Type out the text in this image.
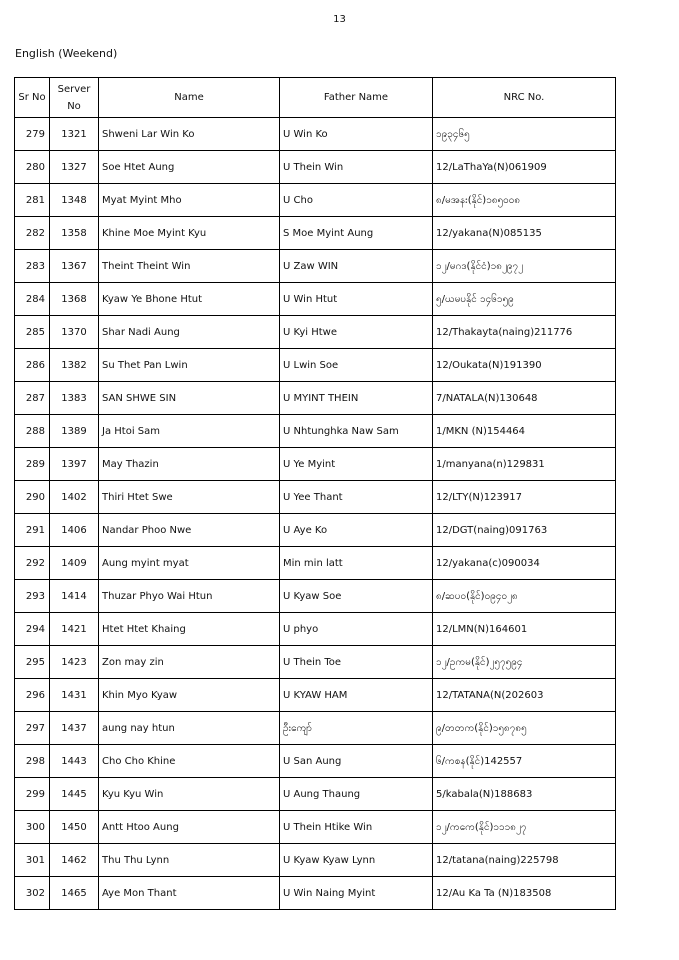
13
English (Weekend)
Sr No	Server No	Name	Father Name	NRC No.
279	1321	Shweni Lar Win Ko	U Win Ko	၁၉၃၄၆၅
280	1327	Soe Htet Aung	U Thein Win	12/LaThaYa(N)061909
281	1348	Myat Myint Mho	U Cho	၈/မအနး(နိုင်)၁၈၅၀၀၈
282	1358	Khine Moe Myint Kyu	S Moe Myint Aung	12/yakana(N)085135
283	1367	Theint Theint Win	U Zaw WIN	၁၂/မဂဒ(နိုင်ငံ)၁၈၂၉၇၂
284	1368	Kyaw Ye Bhone Htut	U Win Htut	၅/ယမပနိုင် ၁၄၆၁၅၉
285	1370	Shar Nadi Aung	U Kyi Htwe	12/Thakayta(naing)211776
286	1382	Su Thet Pan Lwin	U Lwin Soe	12/Oukata(N)191390
287	1383	SAN SHWE SIN	U MYINT THEIN	7/NATALA(N)130648
288	1389	Ja Htoi Sam	U Nhtunghka Naw Sam	1/MKN (N)154464
289	1397	May Thazin	U Ye Myint	1/manyana(n)129831
290	1402	Thiri Htet Swe	U Yee Thant	12/LTY(N)123917
291	1406	Nandar Phoo Nwe	U Aye Ko	12/DGT(naing)091763
292	1409	Aung myint myat	Min min latt	12/yakana(c)090034
293	1414	Thuzar Phyo Wai Htun	U Kyaw Soe	၈/ဆပဝ(နိုင်)၀၉၄၀၂၈
294	1421	Htet Htet Khaing	U phyo	12/LMN(N)164601
295	1423	Zon may zin	U Thein Toe	၁၂/ဥကမ(နိုင်)၂၅၇၅၉၄
296	1431	Khin Myo Kyaw	U KYAW HAM	12/TATANA(N(202603
297	1437	aung nay htun	ဦးကျော်	၉/တတက(နိုင်)၁၅၈၇၈၅
298	1443	Cho Cho Khine	U San Aung	၆/ကစန(နိုင်)142557
299	1445	Kyu Kyu Win	U Aung Thaung	5/kabala(N)188683
300	1450	Antt Htoo Aung	U Thein Htike Win	၁၂/ကကေ(နိုင်)၁၁၁၈၂၇
301	1462	Thu Thu Lynn	U Kyaw Kyaw Lynn	12/tatana(naing)225798
302	1465	Aye Mon Thant	U Win Naing Myint	12/Au Ka Ta (N)183508
